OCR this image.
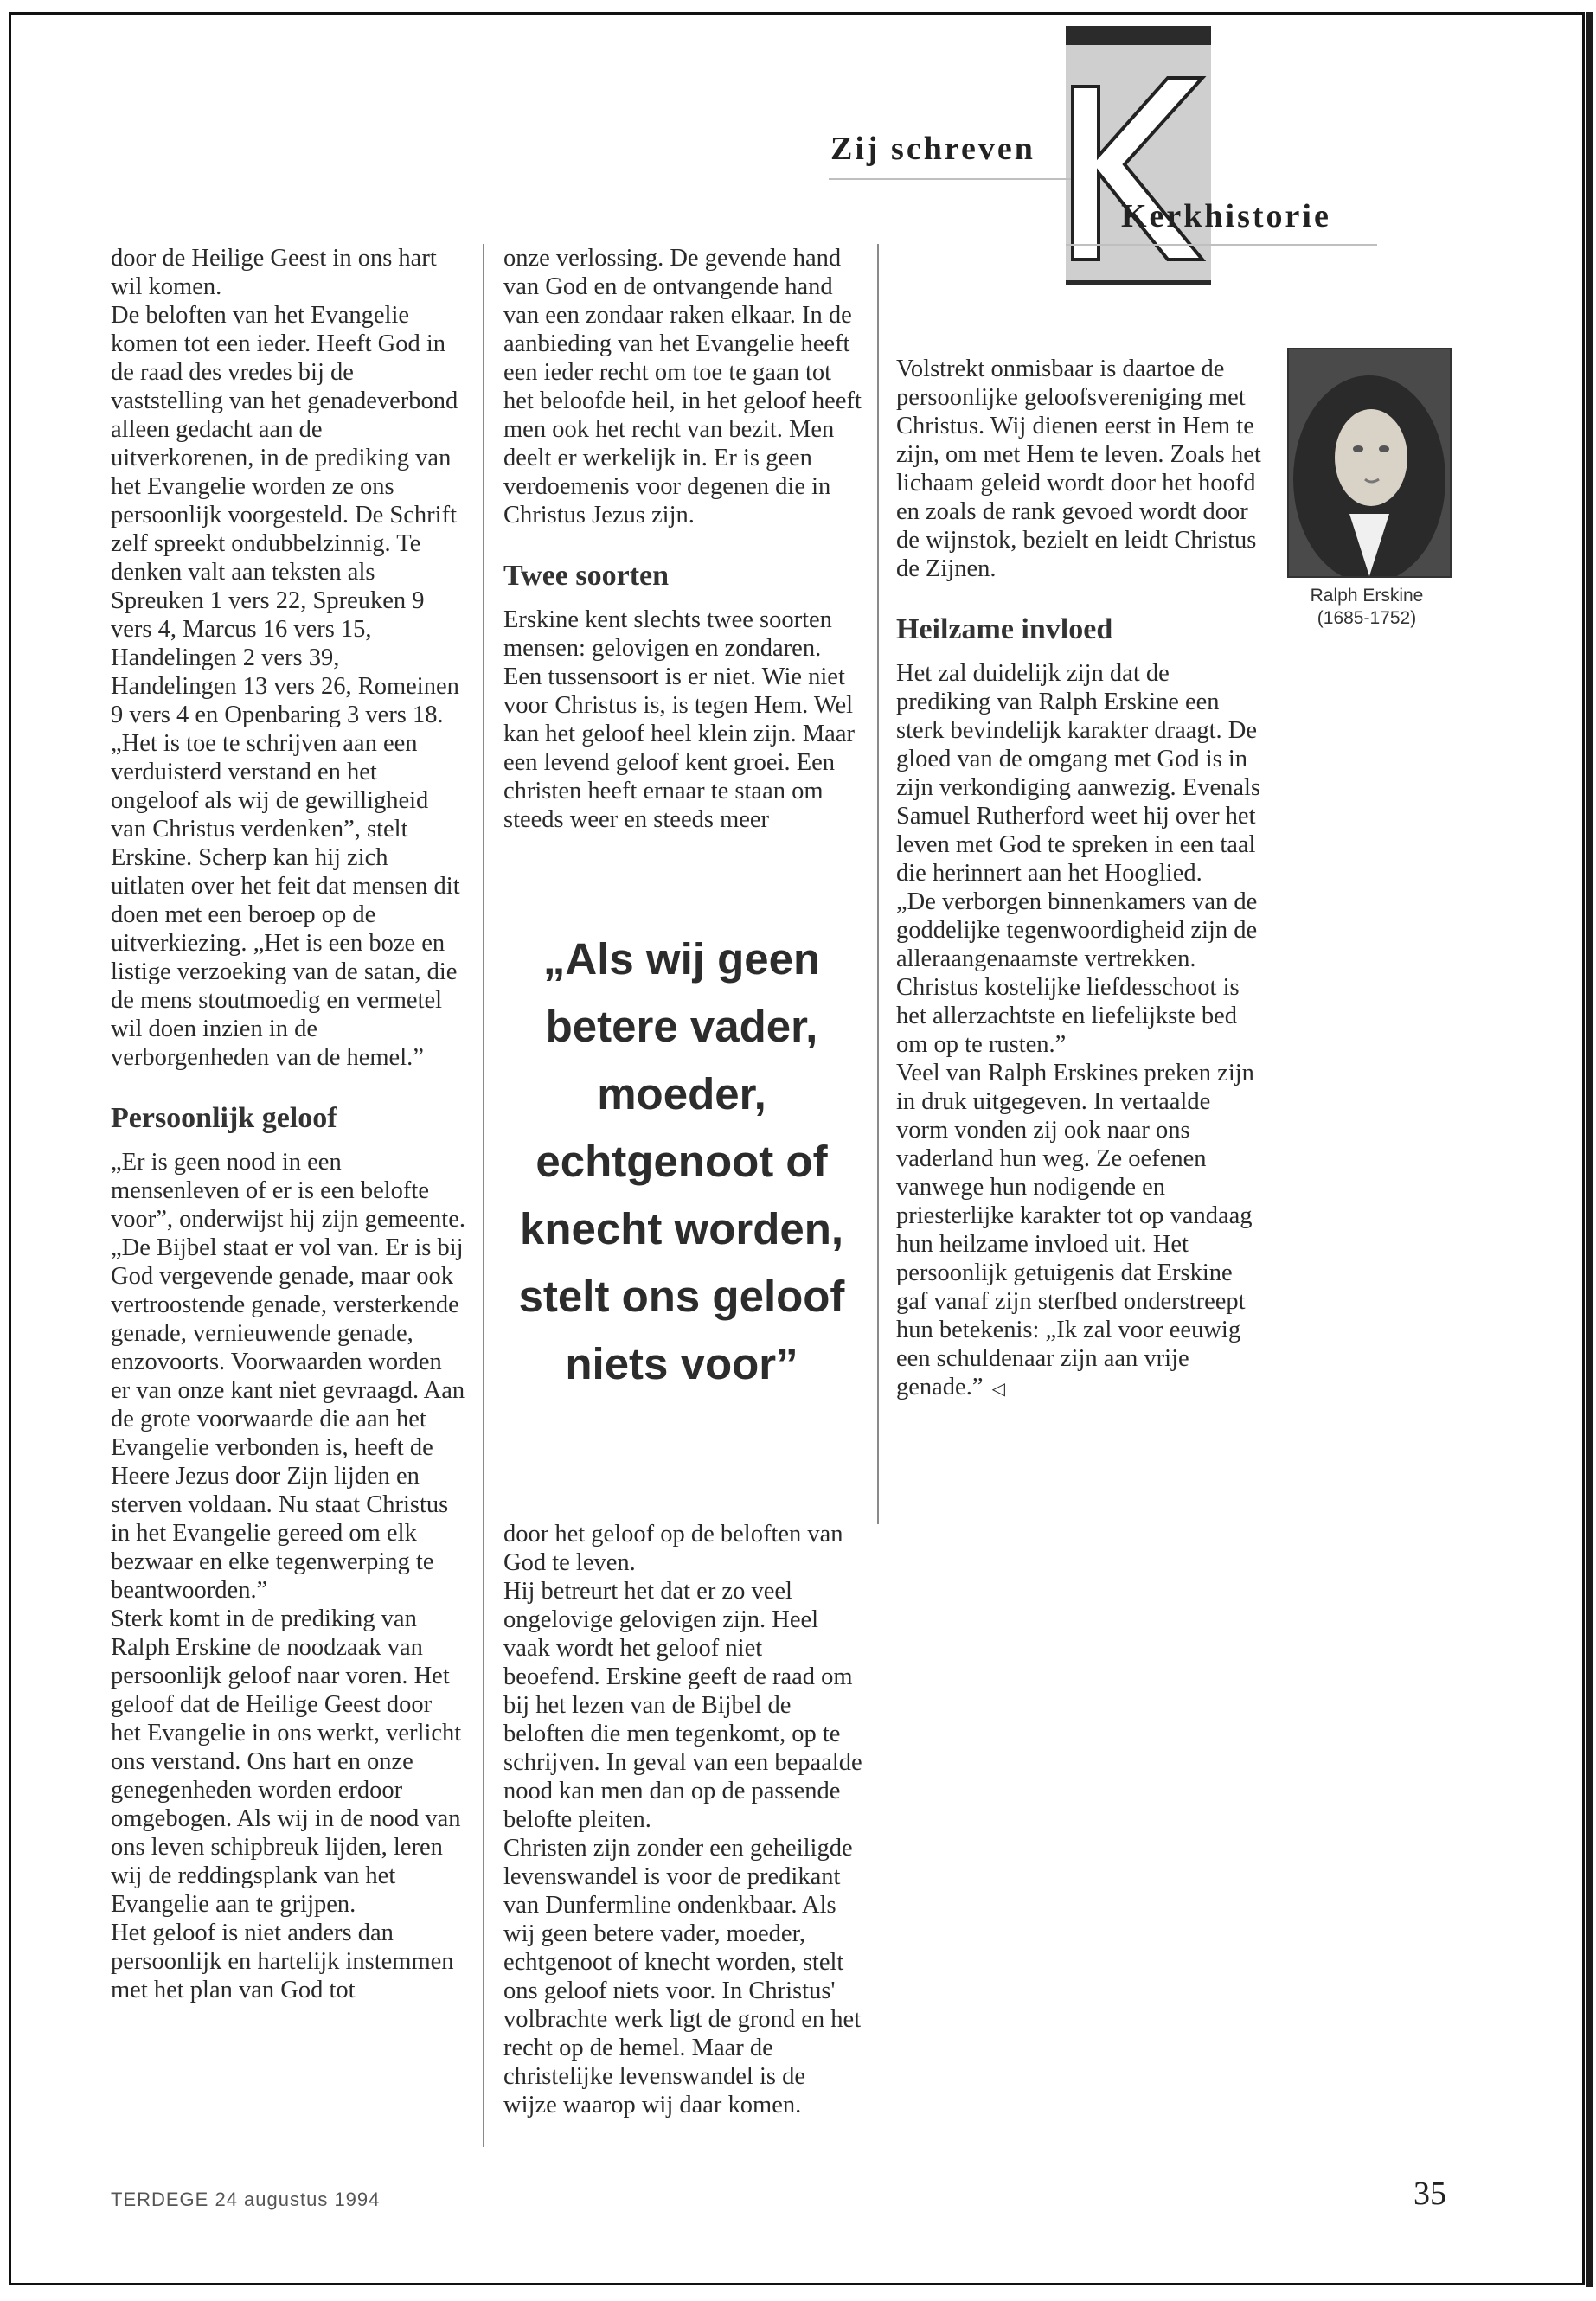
Zij schreven
Kerkhistorie

door de Heilige Geest in ons hart wil komen.

De beloften van het Evangelie komen tot een ieder. Heeft God in de raad des vredes bij de vaststelling van het genadeverbond alleen gedacht aan de uitverkorenen, in de prediking van het Evangelie worden ze ons persoonlijk voorgesteld. De Schrift zelf spreekt ondubbelzinnig. Te denken valt aan teksten als Spreuken 1 vers 22, Spreuken 9 vers 4, Marcus 16 vers 15, Handelingen 2 vers 39, Handelingen 13 vers 26, Romeinen 9 vers 4 en Openbaring 3 vers 18.

„Het is toe te schrijven aan een verduisterd verstand en het ongeloof als wij de gewilligheid van Christus verdenken”, stelt Erskine. Scherp kan hij zich uitlaten over het feit dat mensen dit doen met een beroep op de uitverkiezing. „Het is een boze en listige verzoeking van de satan, die de mens stoutmoedig en vermetel wil doen inzien in de verborgenheden van de hemel.”

Persoonlijk geloof

„Er is geen nood in een mensenleven of er is een belofte voor”, onderwijst hij zijn gemeente. „De Bijbel staat er vol van. Er is bij God vergevende genade, maar ook vertroostende genade, versterkende genade, vernieuwende genade, enzovoorts. Voorwaarden worden er van onze kant niet gevraagd. Aan de grote voorwaarde die aan het Evangelie verbonden is, heeft de Heere Jezus door Zijn lijden en sterven voldaan. Nu staat Christus in het Evangelie gereed om elk bezwaar en elke tegenwerping te beantwoorden.”

Sterk komt in de prediking van Ralph Erskine de noodzaak van persoonlijk geloof naar voren. Het geloof dat de Heilige Geest door het Evangelie in ons werkt, verlicht ons verstand. Ons hart en onze genegenheden worden erdoor omgebogen. Als wij in de nood van ons leven schipbreuk lijden, leren wij de reddingsplank van het Evangelie aan te grijpen.

Het geloof is niet anders dan persoonlijk en hartelijk instemmen met het plan van God tot

onze verlossing. De gevende hand van God en de ontvangende hand van een zondaar raken elkaar. In de aanbieding van het Evangelie heeft een ieder recht om toe te gaan tot het beloofde heil, in het geloof heeft men ook het recht van bezit. Men deelt er werkelijk in. Er is geen verdoemenis voor degenen die in Christus Jezus zijn.

Twee soorten

Erskine kent slechts twee soorten mensen: gelovigen en zondaren. Een tussensoort is er niet. Wie niet voor Christus is, is tegen Hem. Wel kan het geloof heel klein zijn. Maar een levend geloof kent groei. Een christen heeft ernaar te staan om steeds weer en steeds meer

„Als wij geen betere vader, moeder, echtgenoot of knecht worden, stelt ons geloof niets voor”

door het geloof op de beloften van God te leven.

Hij betreurt het dat er zo veel ongelovige gelovigen zijn. Heel vaak wordt het geloof niet beoefend. Erskine geeft de raad om bij het lezen van de Bijbel de beloften die men tegenkomt, op te schrijven. In geval van een bepaalde nood kan men dan op de passende belofte pleiten.

Christen zijn zonder een geheiligde levenswandel is voor de predikant van Dunfermline ondenkbaar. Als wij geen betere vader, moeder, echtgenoot of knecht worden, stelt ons geloof niets voor. In Christus' volbrachte werk ligt de grond en het recht op de hemel. Maar de christelijke levenswandel is de wijze waarop wij daar komen.

Volstrekt onmisbaar is daartoe de persoonlijke geloofsvereniging met Christus. Wij dienen eerst in Hem te zijn, om met Hem te leven. Zoals het lichaam geleid wordt door het hoofd en zoals de rank gevoed wordt door de wijnstok, bezielt en leidt Christus de Zijnen.

Heilzame invloed

Het zal duidelijk zijn dat de prediking van Ralph Erskine een sterk bevindelijk karakter draagt. De gloed van de omgang met God is in zijn verkondiging aanwezig. Evenals Samuel Rutherford weet hij over het leven met God te spreken in een taal die herinnert aan het Hooglied.

„De verborgen binnenkamers van de goddelijke tegenwoordigheid zijn de alleraangenaamste vertrekken. Christus kostelijke liefdesschoot is het allerzachtste en liefelijkste bed om op te rusten.”

Veel van Ralph Erskines preken zijn in druk uitgegeven. In vertaalde vorm vonden zij ook naar ons vaderland hun weg. Ze oefenen vanwege hun nodigende en priesterlijke karakter tot op vandaag hun heilzame invloed uit. Het persoonlijk getuigenis dat Erskine gaf vanaf zijn sterfbed onderstreept hun betekenis: „Ik zal voor eeuwig een schuldenaar zijn aan vrije genade.” ◁

Ralph Erskine
(1685-1752)
TERDEGE 24 augustus 1994	35
